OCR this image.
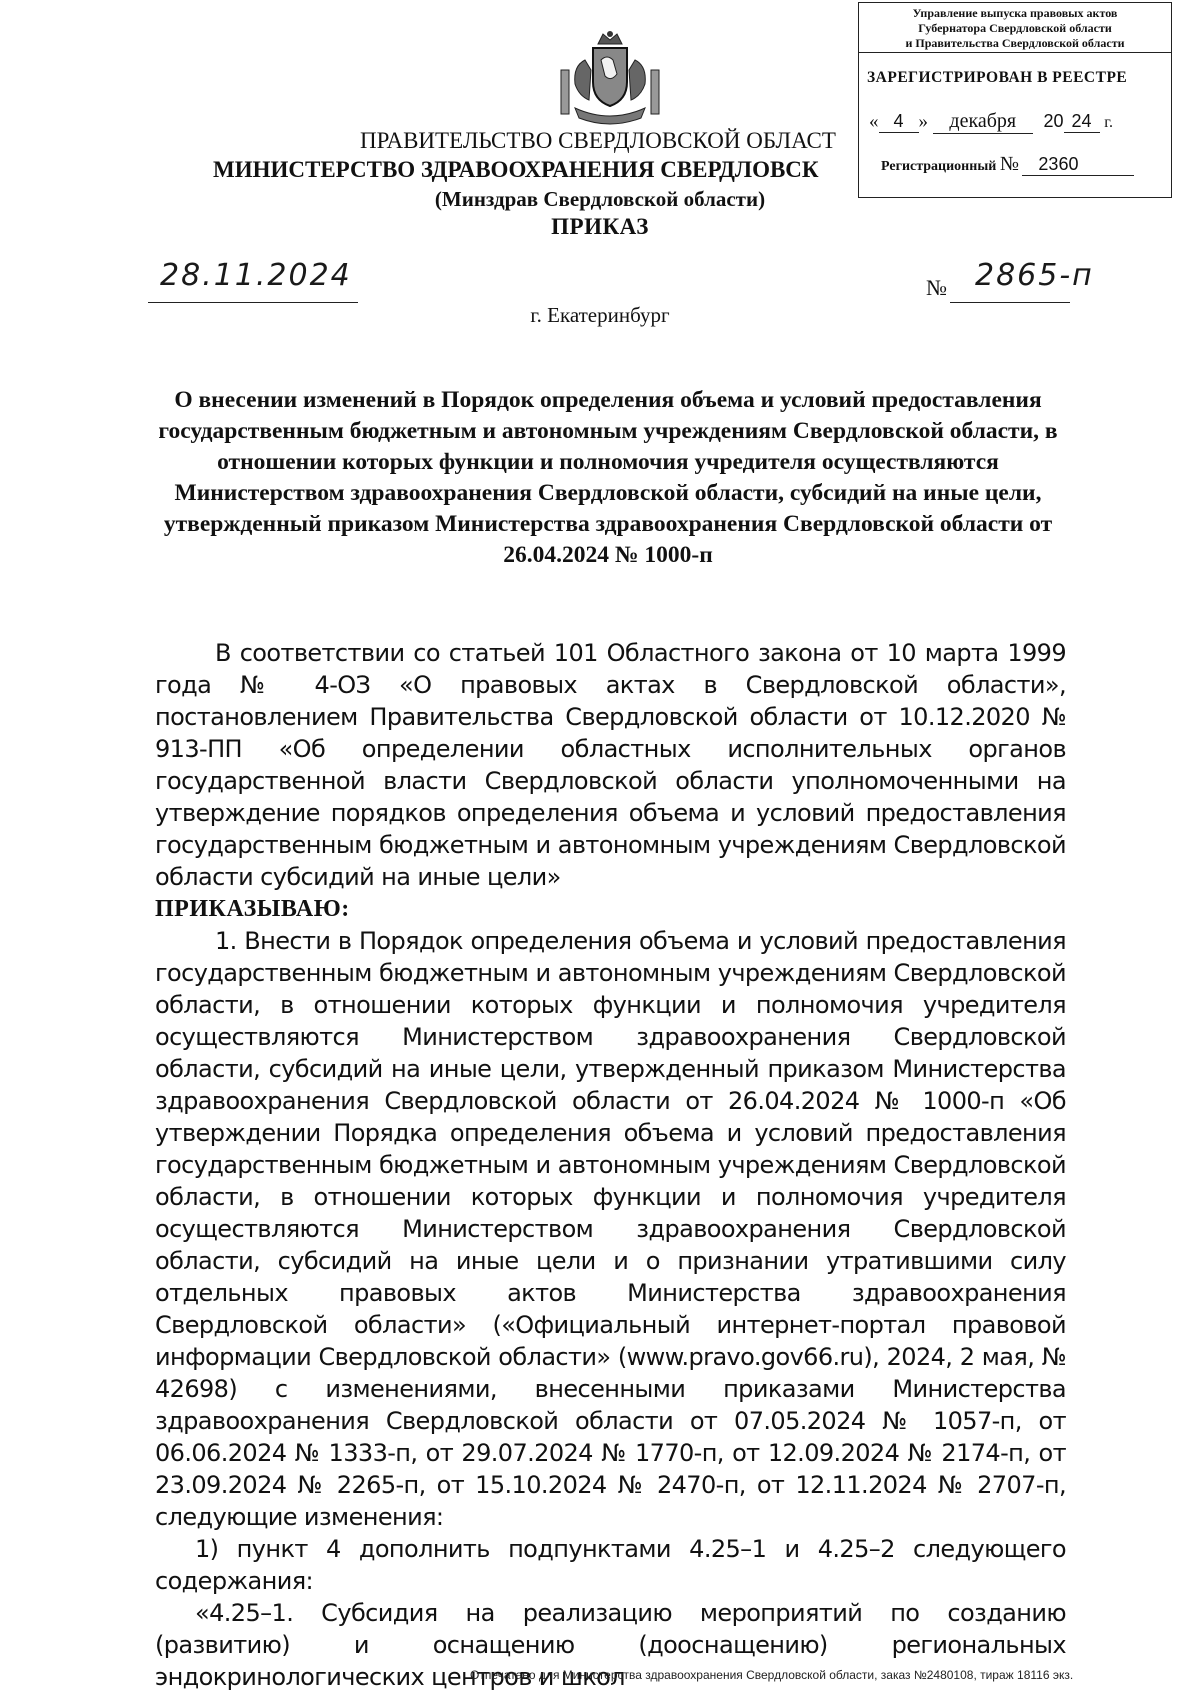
ПРАВИТЕЛЬСТВО СВЕРДЛОВСКОЙ ОБЛАСТ
МИНИСТЕРСТВО ЗДРАВООХРАНЕНИЯ СВЕРДЛОВСК
(Минздрав Свердловской области)
ПРИКАЗ
Управление выпуска правовых актов
Губернатора Свердловской области
и Правительства Свердловской области
ЗАРЕГИСТРИРОВАН В РЕЕСТРЕ
« 4 » декабря 20 24 г.
Регистрационный № 2360
28.11.2024	№ 2865-п
г. Екатеринбург
О внесении изменений в Порядок определения объема и условий предоставления государственным бюджетным и автономным учреждениям Свердловской области, в отношении которых функции и полномочия учредителя осуществляются Министерством здравоохранения Свердловской области, субсидий на иные цели, утвержденный приказом Министерства здравоохранения Свердловской области от 26.04.2024 № 1000-п

В соответствии со статьей 101 Областного закона от 10 марта 1999 года № 4-ОЗ «О правовых актах в Свердловской области», постановлением Правительства Свердловской области от 10.12.2020 № 913-ПП «Об определении областных исполнительных органов государственной власти Свердловской области уполномоченными на утверждение порядков определения объема и условий предоставления государственным бюджетным и автономным учреждениям Свердловской области субсидий на иные цели»

ПРИКАЗЫВАЮ:

1. Внести в Порядок определения объема и условий предоставления государственным бюджетным и автономным учреждениям Свердловской области, в отношении которых функции и полномочия учредителя осуществляются Министерством здравоохранения Свердловской области, субсидий на иные цели, утвержденный приказом Министерства здравоохранения Свердловской области от 26.04.2024 № 1000-п «Об утверждении Порядка определения объема и условий предоставления государственным бюджетным и автономным учреждениям Свердловской области, в отношении которых функции и полномочия учредителя осуществляются Министерством здравоохранения Свердловской области, субсидий на иные цели и о признании утратившими силу отдельных правовых актов Министерства здравоохранения Свердловской области» («Официальный интернет-портал правовой информации Свердловской области» (www.pravo.gov66.ru), 2024, 2 мая, № 42698) с изменениями, внесенными приказами Министерства здравоохранения Свердловской области от 07.05.2024 № 1057-п, от 06.06.2024 № 1333-п, от 29.07.2024 № 1770-п, от 12.09.2024 № 2174-п, от 23.09.2024 № 2265-п, от 15.10.2024 № 2470-п, от 12.11.2024 № 2707-п, следующие изменения:

1) пункт 4 дополнить подпунктами 4.25–1 и 4.25–2 следующего содержания:

«4.25–1. Субсидия на реализацию мероприятий по созданию (развитию) и оснащению (дооснащению) региональных эндокринологических центров и школ

Отпечатано для Министерства здравоохранения Свердловской области, заказ №2480108, тираж 18116 экз.
